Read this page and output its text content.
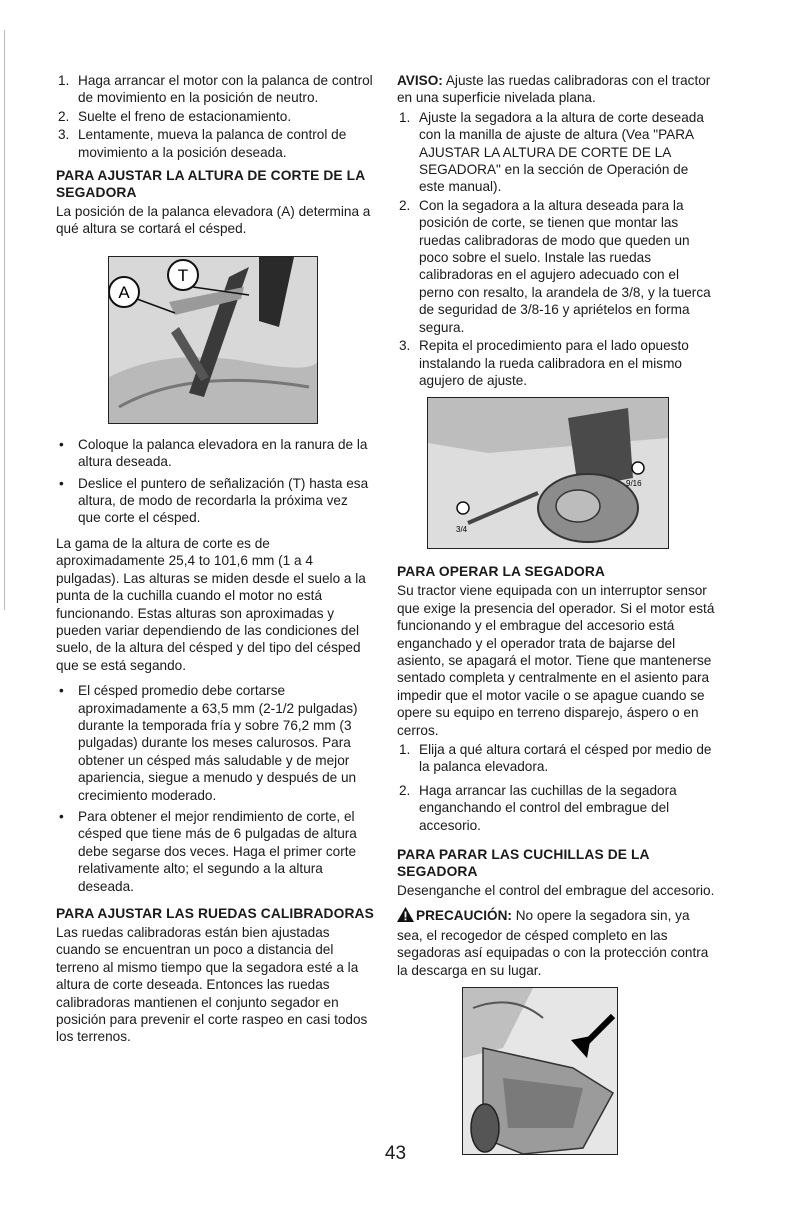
1. Haga arrancar el motor con la palanca de control de movimiento en la posición de neutro.
2. Suelte el freno de estacionamiento.
3. Lentamente, mueva la palanca de control de movimiento a la posición deseada.
PARA AJUSTAR LA ALTURA DE CORTE DE LA SEGADORA

La posición de la palanca elevadora (A) determina a qué altura se cortará el césped.

T
A
• Coloque la palanca elevadora en la ranura de la altura deseada.
• Deslice el puntero de señalización (T) hasta esa altura, de modo de recordarla la próxima vez que corte el césped.

La gama de la altura de corte es de aproximadamente 25,4 to 101,6 mm (1 a 4 pulgadas). Las alturas se miden desde el suelo a la punta de la cuchilla cuando el motor no está funcionando. Estas alturas son aproximadas y pueden variar dependiendo de las condiciones del suelo, de la altura del césped y del tipo del césped que se está segando.

• El césped promedio debe cortarse aproximadamente a 63,5 mm (2-1/2 pulgadas) durante la temporada fría y sobre 76,2 mm (3 pulgadas) durante los meses calurosos. Para obtener un césped más saludable y de mejor apariencia, siegue a menudo y después de un crecimiento moderado.
• Para obtener el mejor rendimiento de corte, el césped que tiene más de 6 pulgadas de altura debe segarse dos veces. Haga el primer corte relativamente alto; el segundo a la altura deseada.
PARA AJUSTAR LAS RUEDAS CALIBRADORAS

Las ruedas calibradoras están bien ajustadas cuando se encuentran un poco a distancia del terreno al mismo tiempo que la segadora esté a la altura de corte deseada. Entonces las ruedas calibradoras mantienen el conjunto segador en posición para prevenir el corte raspeo en casi todos los terrenos.

AVISO: Ajuste las ruedas calibradoras con el tractor en una superficie nivelada plana.

1. Ajuste la segadora a la altura de corte deseada con la manilla de ajuste de altura (Vea "PARA AJUSTAR LA ALTURA DE CORTE DE LA SEGADORA" en la sección de Operación de este manual).
2. Con la segadora a la altura deseada para la posición de corte, se tienen que montar las ruedas calibradoras de modo que queden un poco sobre el suelo. Instale las ruedas calibradoras en el agujero adecuado con el perno con resalto, la arandela de 3/8, y la tuerca de seguridad de 3/8-16 y apriételos en forma segura.
3. Repita el procedimiento para el lado opuesto instalando la rueda calibradora en el mismo agujero de ajuste.
3/4
9/16
PARA OPERAR LA SEGADORA

Su tractor viene equipada con un interruptor sensor que exige la presencia del operador. Si el motor está funcionando y el embrague del accesorio está enganchado y el operador trata de bajarse del asiento, se apagará el motor. Tiene que mantenerse sentado completa y centralmente en el asiento para impedir que el motor vacile o se apague cuando se opere su equipo en terreno disparejo, áspero o en cerros.

1. Elija a qué altura cortará el césped por medio de la palanca elevadora.
2. Haga arrancar las cuchillas de la segadora enganchando el control del embrague del accesorio.
PARA PARAR LAS CUCHILLAS DE LA SEGADORA

Desenganche el control del embrague del accesorio.

PRECAUCIÓN: No opere la segadora sin, ya sea, el recogedor de césped completo en las segadoras así equipadas o con la protección contra la descarga en su lugar.

43
